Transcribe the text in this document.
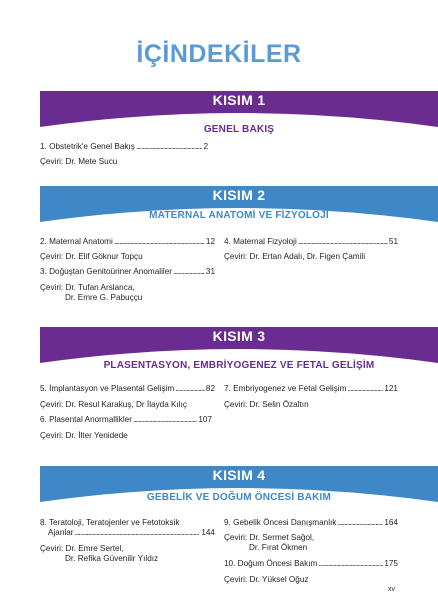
İÇİNDEKİLER
KISIM 1
GENEL BAKIŞ
1. Obstetrik'e Genel Bakış . . .	2
Çeviri: Dr. Mete Sucu
KISIM 2
MATERNAL ANATOMİ VE FİZYOLOJİ
2. Maternal Anatomi . . .	12
Çeviri: Dr. Elif Göknur Topçu
3. Doğuştan Genitoüriner Anomaliler . . .	31
Çeviri: Dr. Tufan Arslanca,
Dr. Emre G. Pabuççu
4. Maternal Fizyoloji . . .	51
Çeviri: Dr. Ertan Adalı, Dr. Figen Çamili
KISIM 3
PLASENTASYON, EMBRİYOGENEZ VE FETAL GELİŞİM
5. İmplantasyon ve Plasental Gelişim . . .	82
Çeviri: Dr. Resul Karakuş, Dr İlayda Kılıç
6. Plasental Anormallikler . . .	107
Çeviri: Dr. İlter Yenidede
7. Embriyogenez ve Fetal Gelişim . . .	121
Çeviri: Dr. Selin Özaltın
KISIM 4
GEBELİK VE DOĞUM ÖNCESİ BAKIM
8. Teratoloji, Teratojenler ve Fetotoksik
Ajanlar . . .	144
Çeviri: Dr. Emre Sertel,
Dr. Refika Güvenilir Yıldız
9. Gebelik Öncesi Danışmanlık . . .	164
Çeviri: Dr. Sermet Sağol,
Dr. Fırat Ökmen
10. Doğum Öncesi Bakım . . .	175
Çeviri: Dr. Yüksel Oğuz
xv
